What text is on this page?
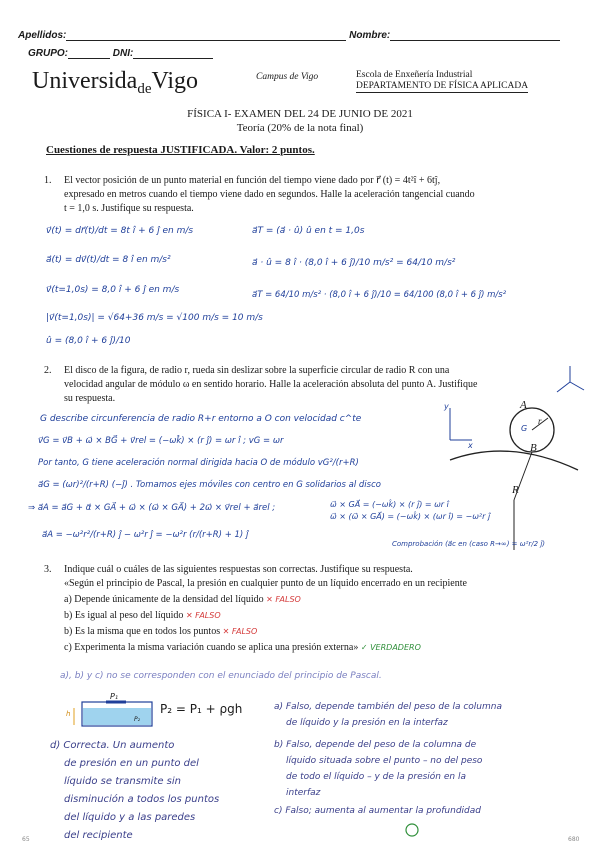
Apellidos:	Nombre:
GRUPO:	DNI:
Universida$_{de}$Vigo	Campus de Vigo	Escola de Enxeñería Industrial
DEPARTAMENTO DE FÍSICA APLICADA
FÍSICA I- EXAMEN DEL 24 DE JUNIO DE 2021
Teoría (20% de la nota final)
Cuestiones de respuesta JUSTIFICADA. Valor: 2 puntos.
1. El vector posición de un punto material en función del tiempo viene dado por r⃗ (t) = 4t²î + 6tĵ,
expresado en metros cuando el tiempo viene dado en segundos. Halle la aceleración tangencial cuando
t = 1,0 s. Justifique su respuesta.
v⃗(t) = dr⃗(t)/dt = 8t î + 6 ĵ en m/s
a⃗(t) = dv⃗(t)/dt = 8 î en m/s²
v⃗(t=1,0s) = 8,0 î + 6 ĵ en m/s
|v⃗(t=1,0s)| = √64+36 m/s = √100 m/s = 10 m/s
û = (8,0 î + 6 ĵ)/10
a⃗T = (a⃗ · û) û en t = 1,0s
a⃗ · û = 8 î · (8,0 î + 6 ĵ)/10 m/s² = 64/10 m/s²
a⃗T = 64/10 m/s² · (8,0 î + 6 ĵ)/10 = 64/100 (8,0 î + 6 ĵ) m/s²
2. El disco de la figura, de radio r, rueda sin deslizar sobre la superficie circular de radio R con una
velocidad angular de módulo ω en sentido horario. Halle la aceleración absoluta del punto A. Justifique
su respuesta.
A
B
R
r
G
y
x
G describe circunferencia de radio R+r entorno a O con velocidad c^te
v⃗G = v⃗B + ω⃗ × BG⃗ + v⃗rel = (−ωk̂) × (r ĵ) = ωr î ; vG = ωr
Por tanto, G tiene aceleración normal dirigida hacia O de módulo vG²/(r+R)
a⃗G = (ωr)²/(r+R) (−ĵ) . Tomamos ejes móviles con centro en G solidarios al disco
⇒ a⃗A = a⃗G + α⃗ × GA⃗ + ω⃗ × (ω⃗ × GA⃗) + 2ω⃗ × v⃗rel + a⃗rel ;	ω⃗ × GA⃗ = (−ωk̂) × (r ĵ) = ωr î
ω⃗ × (ω⃗ × GA⃗) = (−ωk̂) × (ωr î) = −ω²r ĵ
a⃗A = −ω²r²/(r+R) ĵ − ω²r ĵ = −ω²r (r/(r+R) + 1) ĵ
Comprobación (a⃗c en (caso R→∞) = ω²r/2 ĵ)
3. Indique cuál o cuáles de las siguientes respuestas son correctas. Justifique su respuesta.
«Según el principio de Pascal, la presión en cualquier punto de un líquido encerrado en un recipiente
a) Depende únicamente de la densidad del líquido ✕ FALSO
b) Es igual al peso del líquido ✕ FALSO
b) Es la misma que en todos los puntos ✕ FALSO
c) Experimenta la misma variación cuando se aplica una presión externa» ✓ VERDADERO
a), b) y c) no se corresponden con el enunciado del principio de Pascal.
P₁
h
P₂
P₂ = P₁ + ρgh	a) Falso, depende también del peso de la columna
de líquido y la presión en la interfaz
b) Falso, depende del peso de la columna de
líquido situada sobre el punto – no del peso
de todo el líquido – y de la presión en la
interfaz
c) Falso; aumenta al aumentar la profundidad
d) Correcta. Un aumento
de presión en un punto del
líquido se transmite sin
disminución a todos los puntos
del líquido y a las paredes
del recipiente
65	680
